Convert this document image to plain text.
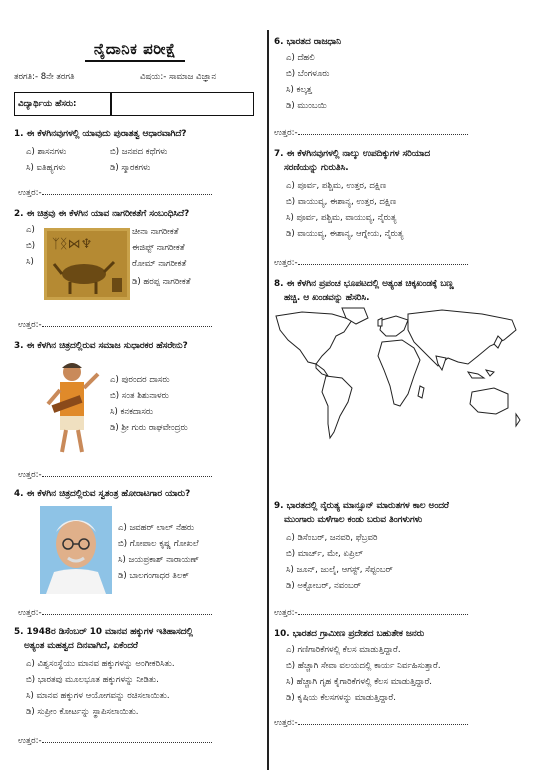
ನೈದಾನಿಕ ಪರೀಕ್ಷೆ
ತರಗತಿ:- 8ನೇ ತರಗತಿ	ವಿಷಯ:- ಸಾಮಾಜ ವಿಜ್ಞಾನ
ವಿದ್ಯಾರ್ಥಿಯ ಹೆಸರು:
1. ಈ ಕೆಳಗಿನವುಗಳಲ್ಲಿ ಯಾವುದು ಪುರಾತತ್ವ ಆಧಾರವಾಗಿದೆ?
ಎ) ಶಾಸನಗಳು	ಬಿ) ಜನಪದ ಕಥೆಗಳು
ಸಿ) ಐತಿಹ್ಯಗಳು	ಡಿ) ಸ್ಮಾರಕಗಳು
ಉತ್ತರ:-
2. ಈ ಚಿತ್ರವು ಈ ಕೆಳಗಿನ ಯಾವ ನಾಗರೀಕತೆಗೆ ಸಂಬಂಧಿಸಿದೆ?
ಎ)
ಬಿ)
ಸಿ)
ᛉᛝ⋈♆
ಚೀನಾ ನಾಗರೀಕತೆ
ಈಜಿಪ್ಟ್ ನಾಗರೀಕತೆ
ರೋಮ್ ನಾಗರೀಕತೆ
ಡಿ) ಹರಪ್ಪ ನಾಗರೀಕತೆ
ಉತ್ತರ:-
3. ಈ ಕೆಳಗಿನ ಚಿತ್ರದಲ್ಲಿರುವ ಸಮಾಜ ಸುಧಾರಕರ ಹೆಸರೇನು?
ಎ) ಪುರಂದರ ದಾಸರು
ಬಿ) ಸಂತ ಶಿಶುನಾಳರು
ಸಿ) ಕನಕದಾಸರು
ಡಿ) ಶ್ರೀ ಗುರು ರಾಘವೇಂದ್ರರು
ಉತ್ತರ:-
4. ಈ ಕೆಳಗಿನ ಚಿತ್ರದಲ್ಲಿರುವ ಸ್ವತಂತ್ರ ಹೋರಾಟಗಾರ ಯಾರು?
ಎ) ಜವಹರ್ ಲಾಲ್ ನೆಹರು
ಬಿ) ಗೋಪಾಲ ಕೃಷ್ಣ ಗೋಖಲೆ
ಸಿ) ಜಯಪ್ರಕಾಶ್ ನಾರಾಯಣ್
ಡಿ) ಬಾಲಗಂಗಾಧರ ತಿಲಕ್
ಉತ್ತರ:-
5. 1948ರ ಡಿಸೆಂಬರ್ 10 ಮಾನವ ಹಕ್ಕುಗಳ ಇತಿಹಾಸದಲ್ಲಿ
ಅತ್ಯಂತ ಮಹತ್ವದ ದಿನವಾಗಿದೆ, ಏಕೆಂದರೆ
ಎ) ವಿಶ್ವಸಂಸ್ಥೆಯು ಮಾನವ ಹಕ್ಕುಗಳನ್ನು ಅಂಗೀಕರಿಸಿತು.
ಬಿ) ಭಾರತವು ಮೂಲಭೂತ ಹಕ್ಕುಗಳನ್ನು ನೀಡಿತು.
ಸಿ) ಮಾನವ ಹಕ್ಕುಗಳ ಆಯೋಗವನ್ನು ರಚಿಸಲಾಯಿತು.
ಡಿ) ಸುಪ್ರೀಂ ಕೋರ್ಟನ್ನು ಸ್ಥಾಪಿಸಲಾಯಿತು.
ಉತ್ತರ:-
6. ಭಾರತದ ರಾಜಧಾನಿ
ಎ) ದೆಹಲಿ
ಬಿ) ಬೆಂಗಳೂರು
ಸಿ) ಕಲ್ಕತ್ತ
ಡಿ) ಮುಂಬಯಿ
ಉತ್ತರ:-
7. ಈ ಕೆಳಗಿನವುಗಳಲ್ಲಿ ನಾಲ್ಕು ಉಪದಿಕ್ಕುಗಳ ಸರಿಯಾದ
ಸರಣಿಯನ್ನು ಗುರುತಿಸಿ.
ಎ) ಪೂರ್ವ, ಪಶ್ಚಿಮ, ಉತ್ತರ, ದಕ್ಷಿಣ
ಬಿ) ವಾಯುವ್ಯ, ಈಶಾನ್ಯ, ಉತ್ತರ, ದಕ್ಷಿಣ
ಸಿ) ಪೂರ್ವ, ಪಶ್ಚಿಮ, ವಾಯುವ್ಯ, ನೈರುತ್ಯ
ಡಿ) ವಾಯುವ್ಯ, ಈಶಾನ್ಯ, ಆಗ್ನೇಯ, ನೈರುತ್ಯ
ಉತ್ತರ:-
8. ಈ ಕೆಳಗಿನ ಪ್ರಪಂಚ ಭೂಪಟದಲ್ಲಿ ಅತ್ಯಂತ ಚಿಕ್ಕಖಂಡಕ್ಕೆ ಬಣ್ಣ
ಹಚ್ಚಿ. ಆ ಖಂಡವನ್ನು ಹೆಸರಿಸಿ.
9. ಭಾರತದಲ್ಲಿ ನೈರುತ್ಯ ಮಾನ್ಸೂನ್ ಮಾರುತಗಳ ಕಾಲ ಅಂದರೆ
ಮುಂಗಾರು ಮಳೆಗಾಲ ಕಂಡು ಬರುವ ತಿಂಗಳುಗಳು
ಎ) ಡಿಸೆಂಬರ್, ಜನವರಿ, ಫೆಬ್ರವರಿ
ಬಿ) ಮಾರ್ಚ್, ಮೇ, ಏಪ್ರಿಲ್
ಸಿ) ಜೂನ್, ಜುಲೈ, ಆಗಸ್ಟ್, ಸೆಪ್ಟಂಬರ್
ಡಿ) ಅಕ್ಟೋಬರ್, ನವಂಬರ್
ಉತ್ತರ:-
10. ಭಾರತದ ಗ್ರಾಮೀಣ ಪ್ರದೇಶದ ಬಹುತೇಕ ಜನರು
ಎ) ಗಣಿಗಾರಿಕೆಗಳಲ್ಲಿ ಕೆಲಸ ಮಾಡುತ್ತಿದ್ದಾರೆ.
ಬಿ) ಹೆಚ್ಚಾಗಿ ಸೇವಾ ವಲಯದಲ್ಲಿ ಕಾರ್ಯ ನಿರ್ವಹಿಸುತ್ತಾರೆ.
ಸಿ) ಹೆಚ್ಚಾಗಿ ಗೃಹ ಕೈಗಾರಿಕೆಗಳಲ್ಲಿ ಕೆಲಸ ಮಾಡುತ್ತಿದ್ದಾರೆ.
ಡಿ) ಕೃಷಿಯ ಕೆಲಸಗಳನ್ನು ಮಾಡುತ್ತಿದ್ದಾರೆ.
ಉತ್ತರ:-
